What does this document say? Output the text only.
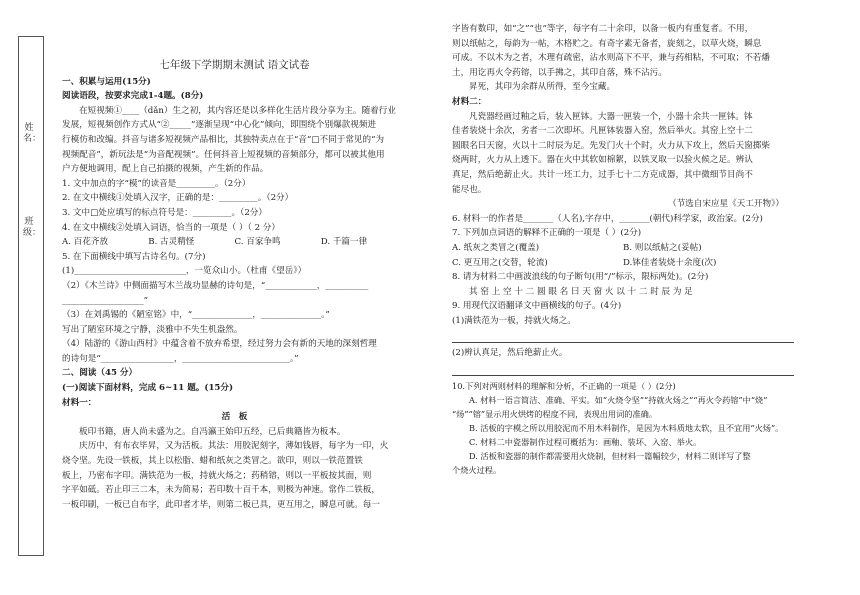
姓名：
班级：
七年级下学期期末测试 语文试卷
一、积累与运用(15分)
阅读语段，按要求完成1-4题。(8分)
在短视频①____（dǎn）生之初，其内容还是以多样化生活片段分享为主。随着行业
发展，短视频创作方式从“②_____”逐渐呈现“中心化”倾向，即围绕个别爆款视频进
行模仿和改编。抖音与诸多短视频产品相比，其独特卖点在于“音”□不同于常见的“为
视频配音”，新玩法是“为音配视频”。任何抖音上短视频的音频部分，都可以被其他用
户方便地调用，配上自己拍摄的视频，产生新的作品。
1. 文中加点的字“模”的读音是_________。（2分）
2. 在文中横线①处填入汉字，正确的是：_________。（2分）
3. 文中□处应填写的标点符号是：_________。（2分）
4. 在文中横线②处填入词语，恰当的一项是（ ）（ 2 分）
A. 百花齐放	B. 古灵精怪	C. 百家争鸣	D. 千篇一律
5. 在下面横线中填写古诗名句。(7分)
(1)__________________________，一览众山小。（杜甫《望岳》）
（2）《木兰诗》中侧面描写木兰战功显赫的诗句是，“____________，__________
___________________”
（3）在刘禹锡的《陋室铭》中，“______________，______________。”
写出了陋室环境之宁静，淡雅中不失生机盎然。
（4）陆游的《游山西村》中蕴含着不放弃希望，经过努力会有新的天地的深刻哲理
的诗句是“_________________，_________________________。”
二、阅读（45 分）
(一)阅读下面材料，完成 6~11 题。(15分)
材料一：
活　板
板印书籍，唐人尚未盛为之。自冯瀛王始印五经，已后典籍皆为板本。
庆历中，有布衣毕昇，又为活板。其法：用胶泥刻字，薄如钱唇，每字为一印，火
烧令坚。先设一铁板，其上以松脂、蜡和纸灰之类冒之。欲印，则以一铁范置铁
板上，乃密布字印。满铁范为一板，持就火炀之；药稍镕，则以一平板按其面，则
字平如砥。若止印三二本，未为简易；若印数十百千本，则极为神速。常作二铁板，
一板印刷，一板已自布字，此印者才毕，则第二板已具，更互用之，瞬息可就。每一
字皆有数印，如“之”“也”等字，每字有二十余印，以备一板内有重复者。不用，
则以纸帖之，每韵为一帖，木格贮之。有奇字素无备者，旋刻之，以草火烧，瞬息
可成。不以木为之者，木理有疏密，沾水则高下不平，兼与药相粘，不可取；不若燔
土，用讫再火令药镕，以手拂之，其印自落，殊不沾污。
昇死，其印为余群从所得，至今宝藏。
材料二：
凡瓷器经画过釉之后，装入匣钵。大器一匣装一个，小器十余共一匣钵。钵
佳者装烧十余次，劣者一二次即坏。凡匣钵装器入窑，然后举火。其窑上空十二
圆眼名曰天窗，火以十二时辰为足。先发门火十个时，火力从下攻上，然后天窗掷柴
烧两时，火力从上透下。器在火中其软如棉絮，以铁叉取一以验火候之足。辨认
真足，然后绝薪止火。共计一坯工力，过手七十二方克成器，其中微细节目尚不
能尽也。
（节选自宋应星《天工开物》）
6. 材料一的作者是_______（人名),字存中，_______(朝代)科学家，政治家。(2分)
7. 下列加点词语的解释不正确的一项是（ ）(2分)
A. 纸灰之类冒之(覆盖)	B. 则以纸帖之(妥帖)
C. 更互用之(交替，轮流)	D.钵佳者装烧十余度(次)
8. 请为材料二中画波浪线的句子断句(用“/”标示，限标两处)。(2分)
其 窑 上 空 十 二 圆 眼 名 曰 天 窗 火 以 十 二 时 辰 为 足
9. 用现代汉语翻译文中画横线的句子。(4分)
(1)满铁范为一板，持就火炀之。
(2)辨认真足，然后绝薪止火。
10.下列对两则材料的理解和分析，不正确的一项是（ ）(2分)
A. 材料一语言简洁、准确、平实。如“火烧令坚”“持就火炀之”“再火令药镕”中“烧”
“炀”“镕”显示用火烘烤的程度不同，表现出用词的准确。
B. 活板的字模之所以用胶泥而不用木料制作，是因为木料质地太软，且不宜用“火炀”。
C. 材料二中瓷器制作过程可概括为：画釉、装坏、入窑、举火。
D. 活板和瓷器的制作都需要用火烧制，但材料一篇幅较少，材料二则详写了整
个烧火过程。
